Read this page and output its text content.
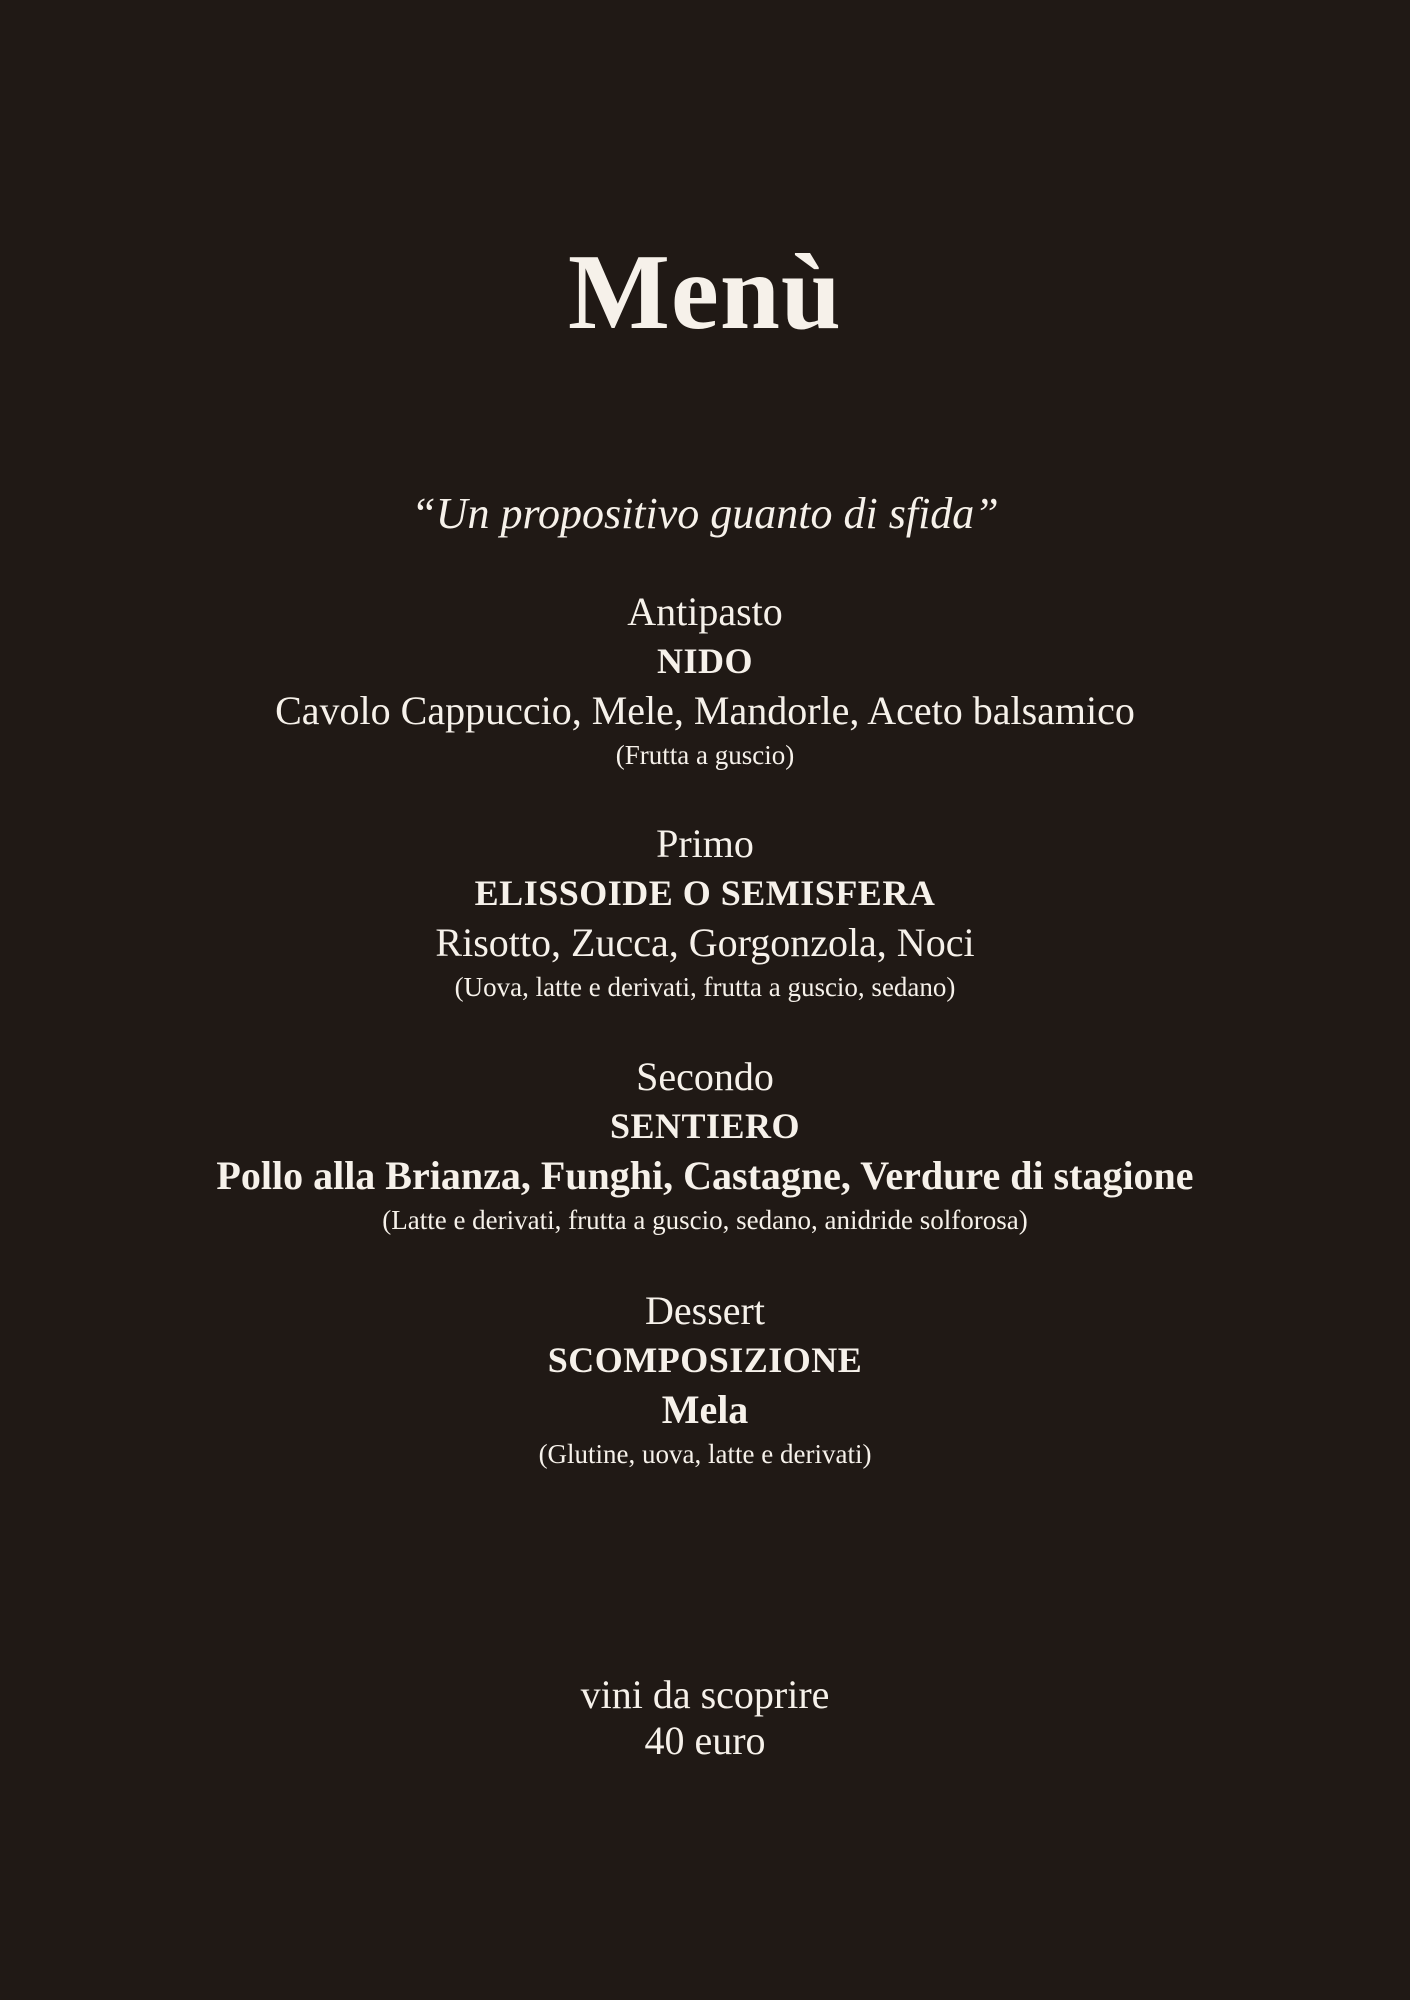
Menù
“Un propositivo guanto di sfida”
Antipasto
NIDO
Cavolo Cappuccio, Mele, Mandorle, Aceto balsamico
(Frutta a guscio)
Primo
ELISSOIDE O SEMISFERA
Risotto, Zucca, Gorgonzola, Noci
(Uova, latte e derivati, frutta a guscio, sedano)
Secondo
SENTIERO
Pollo alla Brianza, Funghi, Castagne, Verdure di stagione
(Latte e derivati, frutta a guscio, sedano, anidride solforosa)
Dessert
SCOMPOSIZIONE
Mela
(Glutine, uova, latte e derivati)
vini da scoprire
40 euro
